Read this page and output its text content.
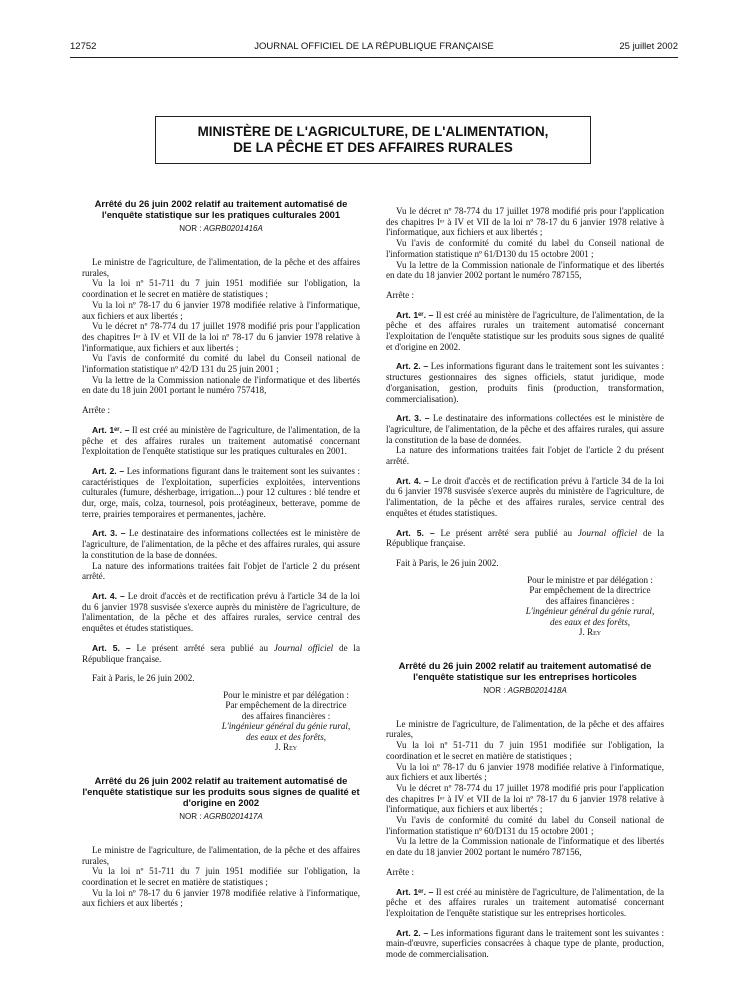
12752	JOURNAL OFFICIEL DE LA RÉPUBLIQUE FRANÇAISE	25 juillet 2002
MINISTÈRE DE L'AGRICULTURE, DE L'ALIMENTATION,
DE LA PÊCHE ET DES AFFAIRES RURALES
Arrêté du 26 juin 2002 relatif au traitement automatisé de l'enquête statistique sur les pratiques culturales 2001
NOR : AGRB0201416A

Le ministre de l'agriculture, de l'alimentation, de la pêche et des affaires rurales,

Vu la loi nº 51-711 du 7 juin 1951 modifiée sur l'obligation, la coordination et le secret en matière de statistiques ;

Vu la loi nº 78-17 du 6 janvier 1978 modifiée relative à l'informatique, aux fichiers et aux libertés ;

Vu le décret nº 78-774 du 17 juillet 1978 modifié pris pour l'application des chapitres Iᵉʳ à IV et VII de la loi nº 78-17 du 6 janvier 1978 relative à l'informatique, aux fichiers et aux libertés ;

Vu l'avis de conformité du comité du label du Conseil national de l'information statistique nº 42/D 131 du 25 juin 2001 ;

Vu la lettre de la Commission nationale de l'informatique et des libertés en date du 18 juin 2001 portant le numéro 757418,

Arrête :

Art. 1ᵉʳ. – Il est créé au ministère de l'agriculture, de l'alimentation, de la pêche et des affaires rurales un traitement automatisé concernant l'exploitation de l'enquête statistique sur les pratiques culturales en 2001.

Art. 2. – Les informations figurant dans le traitement sont les suivantes : caractéristiques de l'exploitation, superficies exploitées, interventions culturales (fumure, désherbage, irrigation...) pour 12 cultures : blé tendre et dur, orge, maïs, colza, tournesol, pois protéagineux, betterave, pomme de terre, prairies temporaires et permanentes, jachère.

Art. 3. – Le destinataire des informations collectées est le ministère de l'agriculture, de l'alimentation, de la pêche et des affaires rurales, qui assure la constitution de la base de données.

La nature des informations traitées fait l'objet de l'article 2 du présent arrêté.

Art. 4. – Le droit d'accès et de rectification prévu à l'article 34 de la loi du 6 janvier 1978 susvisée s'exerce auprès du ministère de l'agriculture, de l'alimentation, de la pêche et des affaires rurales, service central des enquêtes et études statistiques.

Art. 5. – Le présent arrêté sera publié au Journal officiel de la République française.

Fait à Paris, le 26 juin 2002.

Pour le ministre et par délégation :
Par empêchement de la directrice
des affaires financières :
L'ingénieur général du génie rural,
des eaux et des forêts,
J. Rey
Arrêté du 26 juin 2002 relatif au traitement automatisé de l'enquête statistique sur les produits sous signes de qualité et d'origine en 2002
NOR : AGRB0201417A

Le ministre de l'agriculture, de l'alimentation, de la pêche et des affaires rurales,

Vu la loi nº 51-711 du 7 juin 1951 modifiée sur l'obligation, la coordination et le secret en matière de statistiques ;

Vu la loi nº 78-17 du 6 janvier 1978 modifiée relative à l'informatique, aux fichiers et aux libertés ;

Vu le décret nº 78-774 du 17 juillet 1978 modifié pris pour l'application des chapitres Iᵉʳ à IV et VII de la loi nº 78-17 du 6 janvier 1978 relative à l'informatique, aux fichiers et aux libertés ;

Vu l'avis de conformité du comité du label du Conseil national de l'information statistique nº 61/D130 du 15 octobre 2001 ;

Vu la lettre de la Commission nationale de l'informatique et des libertés en date du 18 janvier 2002 portant le numéro 787155,

Arrête :

Art. 1ᵉʳ. – Il est créé au ministère de l'agriculture, de l'alimentation, de la pêche et des affaires rurales un traitement automatisé concernant l'exploitation de l'enquête statistique sur les produits sous signes de qualité et d'origine en 2002.

Art. 2. – Les informations figurant dans le traitement sont les suivantes : structures gestionnaires des signes officiels, statut juridique, mode d'organisation, gestion, produits finis (production, transformation, commercialisation).

Art. 3. – Le destinataire des informations collectées est le ministère de l'agriculture, de l'alimentation, de la pêche et des affaires rurales, qui assure la constitution de la base de données.

La nature des informations traitées fait l'objet de l'article 2 du présent arrêté.

Art. 4. – Le droit d'accès et de rectification prévu à l'article 34 de la loi du 6 janvier 1978 susvisée s'exerce auprès du ministère de l'agriculture, de l'alimentation, de la pêche et des affaires rurales, service central des enquêtes et études statistiques.

Art. 5. – Le présent arrêté sera publié au Journal officiel de la République française.

Fait à Paris, le 26 juin 2002.

Pour le ministre et par délégation :
Par empêchement de la directrice
des affaires financières :
L'ingénieur général du génie rural,
des eaux et des forêts,
J. Rey
Arrêté du 26 juin 2002 relatif au traitement automatisé de l'enquête statistique sur les entreprises horticoles
NOR : AGRB0201418A

Le ministre de l'agriculture, de l'alimentation, de la pêche et des affaires rurales,

Vu la loi nº 51-711 du 7 juin 1951 modifiée sur l'obligation, la coordination et le secret en matière de statistiques ;

Vu la loi nº 78-17 du 6 janvier 1978 modifiée relative à l'informatique, aux fichiers et aux libertés ;

Vu le décret nº 78-774 du 17 juillet 1978 modifié pris pour l'application des chapitres Iᵉʳ à IV et VII de la loi nº 78-17 du 6 janvier 1978 relative à l'informatique, aux fichiers et aux libertés ;

Vu l'avis de conformité du comité du label du Conseil national de l'information statistique nº 60/D131 du 15 octobre 2001 ;

Vu la lettre de la Commission nationale de l'informatique et des libertés en date du 18 janvier 2002 portant le numéro 787156,

Arrête :

Art. 1ᵉʳ. – Il est créé au ministère de l'agriculture, de l'alimentation, de la pêche et des affaires rurales un traitement automatisé concernant l'exploitation de l'enquête statistique sur les entreprises horticoles.

Art. 2. – Les informations figurant dans le traitement sont les suivantes : main-d'œuvre, superficies consacrées à chaque type de plante, production, mode de commercialisation.
